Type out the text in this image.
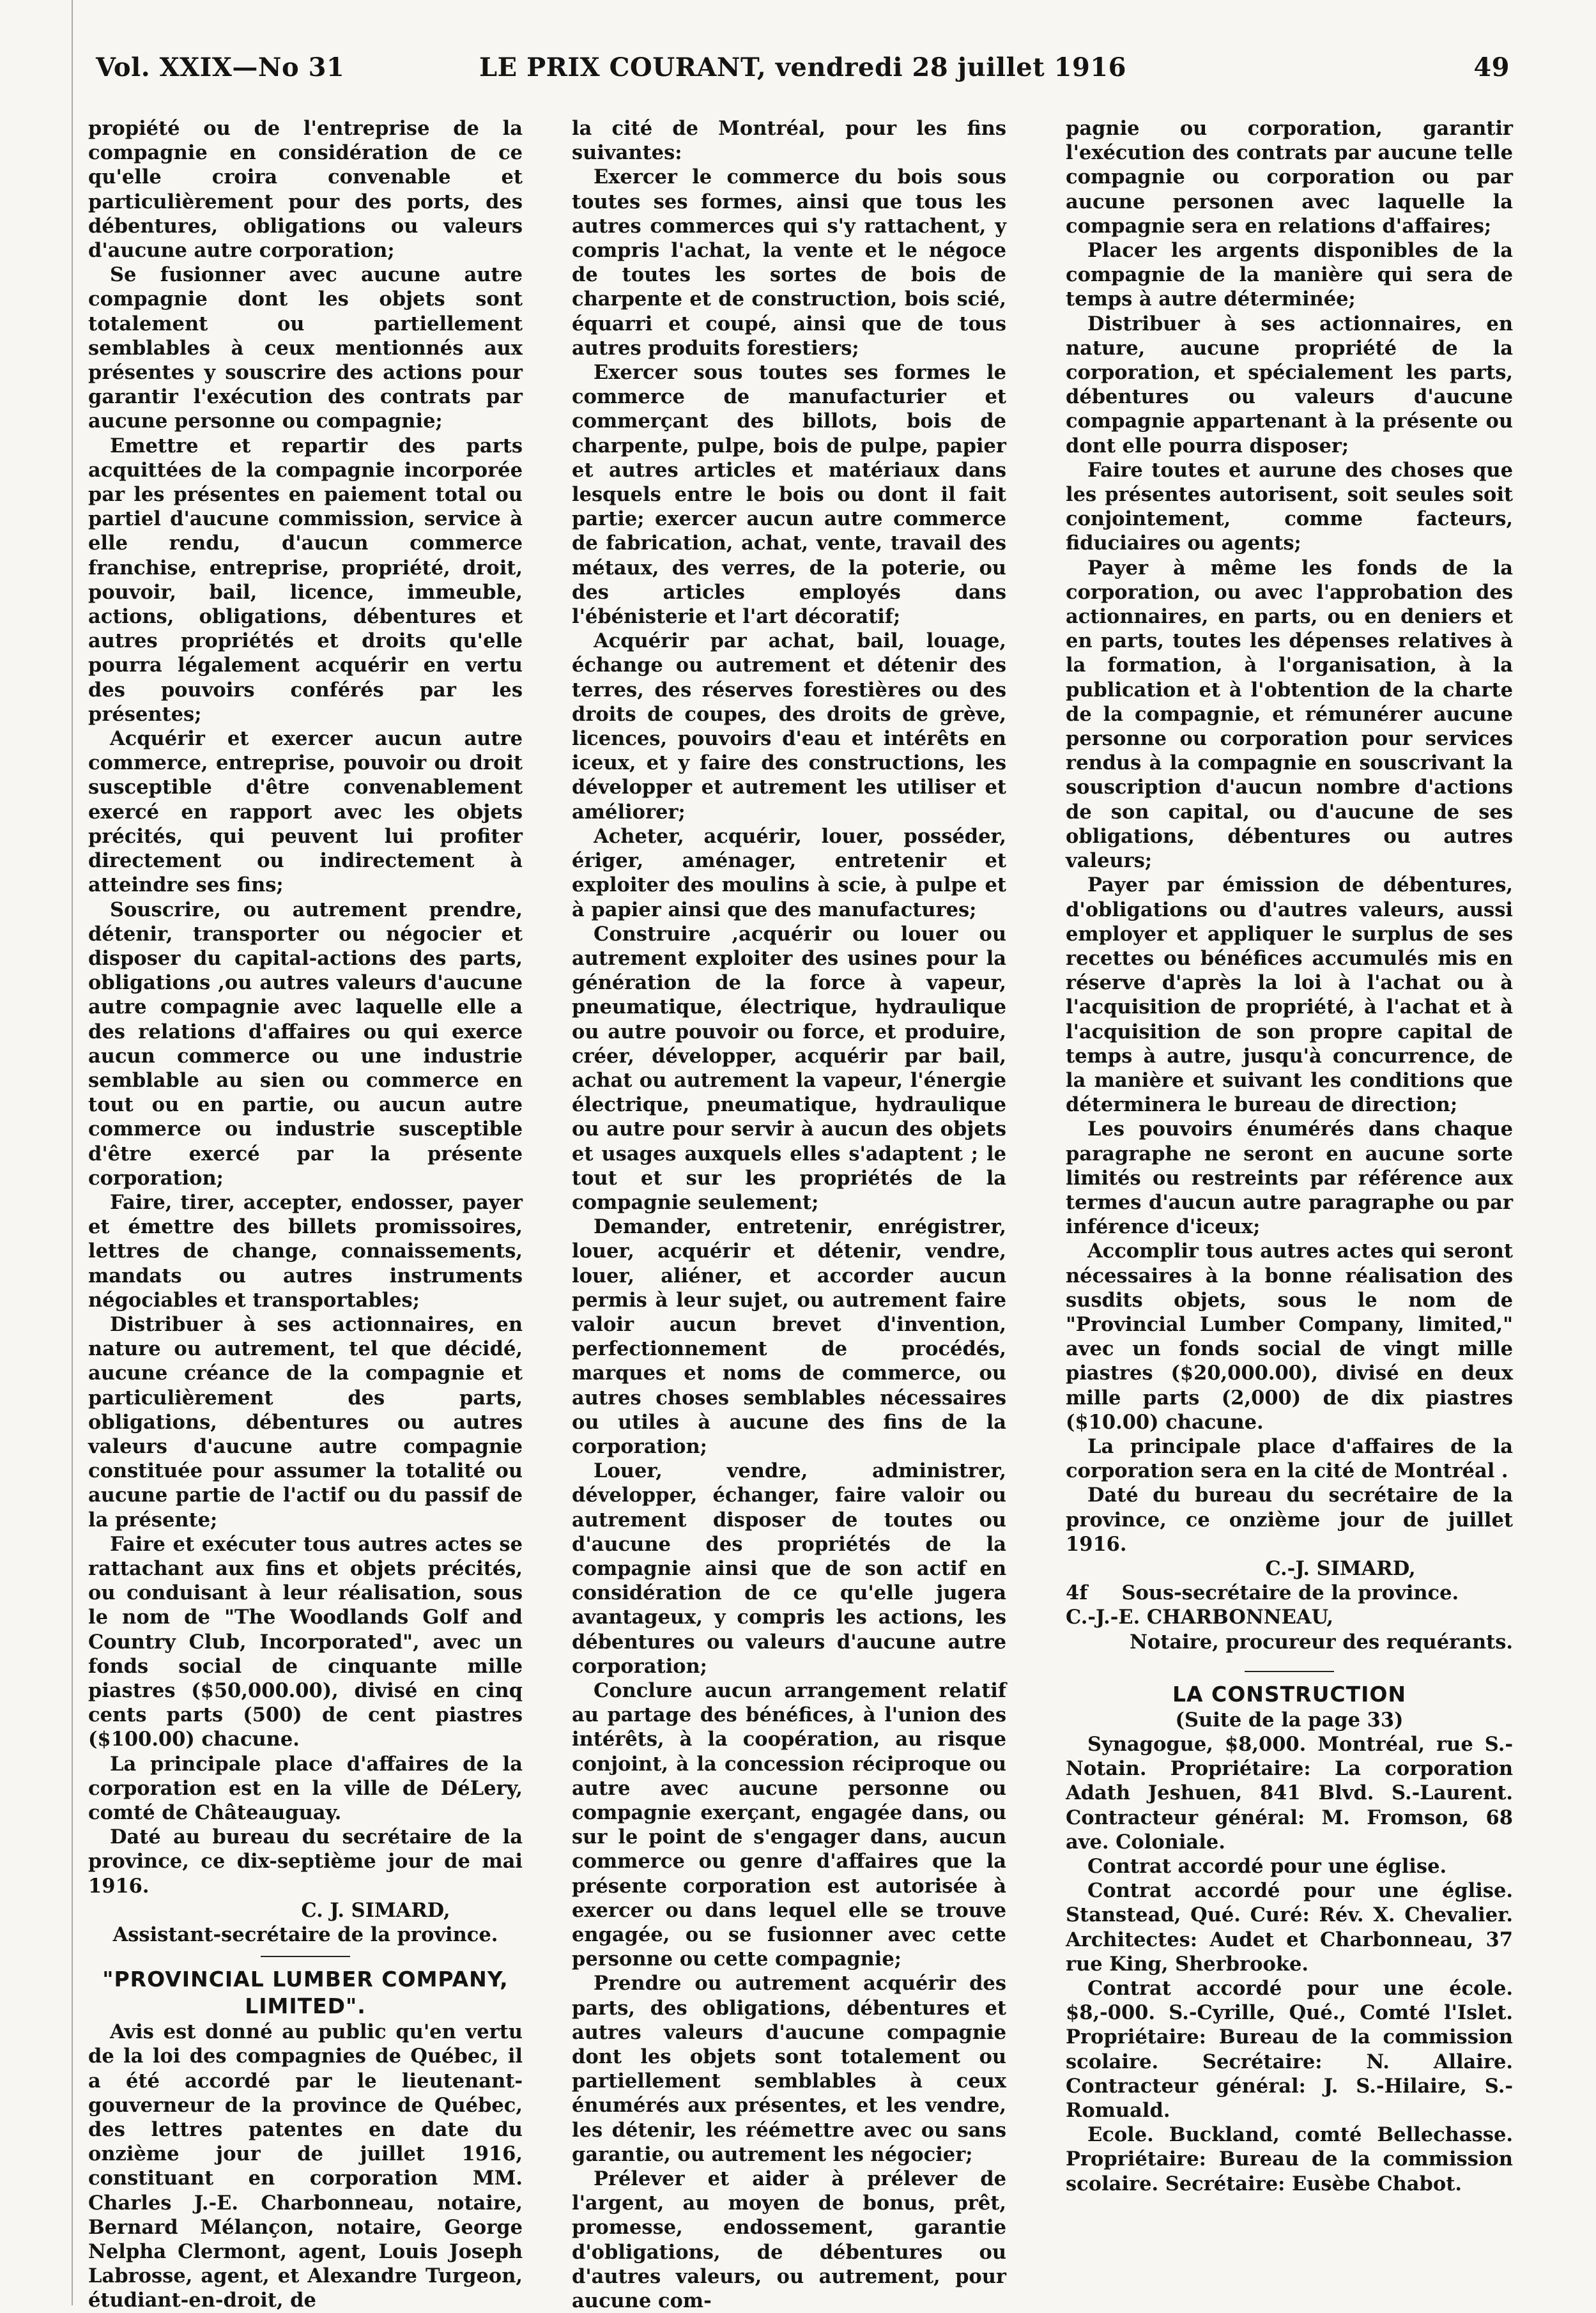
Vol. XXIX—No 31	LE PRIX COURANT, vendredi 28 juillet 1916	49

propiété ou de l'entreprise de la compagnie en considération de ce qu'elle croira convenable et particulièrement pour des ports, des débentures, obligations ou valeurs d'aucune autre corporation;

Se fusionner avec aucune autre compagnie dont les objets sont totalement ou partiellement semblables à ceux mentionnés aux présentes y souscrire des actions pour garantir l'exécution des contrats par aucune personne ou compagnie;

Emettre et repartir des parts acquittées de la compagnie incorporée par les présentes en paiement total ou partiel d'aucune commission, service à elle rendu, d'aucun commerce franchise, entreprise, propriété, droit, pouvoir, bail, licence, immeuble, actions, obligations, débentures et autres propriétés et droits qu'elle pourra légalement acquérir en vertu des pouvoirs conférés par les présentes;

Acquérir et exercer aucun autre commerce, entreprise, pouvoir ou droit susceptible d'être convenablement exercé en rapport avec les objets précités, qui peuvent lui profiter directement ou indirectement à atteindre ses fins;

Souscrire, ou autrement prendre, détenir, transporter ou négocier et disposer du capital-actions des parts, obligations ,ou autres valeurs d'aucune autre compagnie avec laquelle elle a des relations d'affaires ou qui exerce aucun commerce ou une industrie semblable au sien ou commerce en tout ou en partie, ou aucun autre commerce ou industrie susceptible d'être exercé par la présente corporation;

Faire, tirer, accepter, endosser, payer et émettre des billets promissoires, lettres de change, connaissements, mandats ou autres instruments négociables et transportables;

Distribuer à ses actionnaires, en nature ou autrement, tel que décidé, aucune créance de la compagnie et particulièrement des parts, obligations, débentures ou autres valeurs d'aucune autre compagnie constituée pour assumer la totalité ou aucune partie de l'actif ou du passif de la présente;

Faire et exécuter tous autres actes se rattachant aux fins et objets précités, ou conduisant à leur réalisation, sous le nom de "The Woodlands Golf and Country Club, Incorporated", avec un fonds social de cinquante mille piastres ($50,000.00), divisé en cinq cents parts (500) de cent piastres ($100.00) chacune.

La principale place d'affaires de la corporation est en la ville de DéLery, comté de Châteauguay.

Daté au bureau du secrétaire de la province, ce dix-septième jour de mai 1916.

C. J. SIMARD,

Assistant-secrétaire de la province.

"PROVINCIAL LUMBER COMPANY, LIMITED".

Avis est donné au public qu'en vertu de la loi des compagnies de Québec, il a été accordé par le lieutenant-gouverneur de la province de Québec, des lettres patentes en date du onzième jour de juillet 1916, constituant en corporation MM. Charles J.-E. Charbonneau, notaire, Bernard Mélançon, notaire, George Nelpha Clermont, agent, Louis Joseph Labrosse, agent, et Alexandre Turgeon, étudiant-en-droit, de

la cité de Montréal, pour les fins suivantes:

Exercer le commerce du bois sous toutes ses formes, ainsi que tous les autres commerces qui s'y rattachent, y compris l'achat, la vente et le négoce de toutes les sortes de bois de charpente et de construction, bois scié, équarri et coupé, ainsi que de tous autres produits forestiers;

Exercer sous toutes ses formes le commerce de manufacturier et commerçant des billots, bois de charpente, pulpe, bois de pulpe, papier et autres articles et matériaux dans lesquels entre le bois ou dont il fait partie; exercer aucun autre commerce de fabrication, achat, vente, travail des métaux, des verres, de la poterie, ou des articles employés dans l'ébénisterie et l'art décoratif;

Acquérir par achat, bail, louage, échange ou autrement et détenir des terres, des réserves forestières ou des droits de coupes, des droits de grève, licences, pouvoirs d'eau et intérêts en iceux, et y faire des constructions, les développer et autrement les utiliser et améliorer;

Acheter, acquérir, louer, posséder, ériger, aménager, entretenir et exploiter des moulins à scie, à pulpe et à papier ainsi que des manufactures;

Construire ,acquérir ou louer ou autrement exploiter des usines pour la génération de la force à vapeur, pneumatique, électrique, hydraulique ou autre pouvoir ou force, et produire, créer, développer, acquérir par bail, achat ou autrement la vapeur, l'énergie électrique, pneumatique, hydraulique ou autre pour servir à aucun des objets et usages auxquels elles s'adaptent ; le tout et sur les propriétés de la compagnie seulement;

Demander, entretenir, enrégistrer, louer, acquérir et détenir, vendre, louer, aliéner, et accorder aucun permis à leur sujet, ou autrement faire valoir aucun brevet d'invention, perfectionnement de procédés, marques et noms de commerce, ou autres choses semblables nécessaires ou utiles à aucune des fins de la corporation;

Louer, vendre, administrer, développer, échanger, faire valoir ou autrement disposer de toutes ou d'aucune des propriétés de la compagnie ainsi que de son actif en considération de ce qu'elle jugera avantageux, y compris les actions, les débentures ou valeurs d'aucune autre corporation;

Conclure aucun arrangement relatif au partage des bénéfices, à l'union des intérêts, à la coopération, au risque conjoint, à la concession réciproque ou autre avec aucune personne ou compagnie exerçant, engagée dans, ou sur le point de s'engager dans, aucun commerce ou genre d'affaires que la présente corporation est autorisée à exercer ou dans lequel elle se trouve engagée, ou se fusionner avec cette personne ou cette compagnie;

Prendre ou autrement acquérir des parts, des obligations, débentures et autres valeurs d'aucune compagnie dont les objets sont totalement ou partiellement semblables à ceux énumérés aux présentes, et les vendre, les détenir, les réémettre avec ou sans garantie, ou autrement les négocier;

Prélever et aider à prélever de l'argent, au moyen de bonus, prêt, promesse, endossement, garantie d'obligations, de débentures ou d'autres valeurs, ou autrement, pour aucune com-

pagnie ou corporation, garantir l'exécution des contrats par aucune telle compagnie ou corporation ou par aucune personen avec laquelle la compagnie sera en relations d'affaires;

Placer les argents disponibles de la compagnie de la manière qui sera de temps à autre déterminée;

Distribuer à ses actionnaires, en nature, aucune propriété de la corporation, et spécialement les parts, débentures ou valeurs d'aucune compagnie appartenant à la présente ou dont elle pourra disposer;

Faire toutes et aurune des choses que les présentes autorisent, soit seules soit conjointement, comme facteurs, fiduciaires ou agents;

Payer à même les fonds de la corporation, ou avec l'approbation des actionnaires, en parts, ou en deniers et en parts, toutes les dépenses relatives à la formation, à l'organisation, à la publication et à l'obtention de la charte de la compagnie, et rémunérer aucune personne ou corporation pour services rendus à la compagnie en souscrivant la souscription d'aucun nombre d'actions de son capital, ou d'aucune de ses obligations, débentures ou autres valeurs;

Payer par émission de débentures, d'obligations ou d'autres valeurs, aussi employer et appliquer le surplus de ses recettes ou bénéfices accumulés mis en réserve d'après la loi à l'achat ou à l'acquisition de propriété, à l'achat et à l'acquisition de son propre capital de temps à autre, jusqu'à concurrence, de la manière et suivant les conditions que déterminera le bureau de direction;

Les pouvoirs énumérés dans chaque paragraphe ne seront en aucune sorte limités ou restreints par référence aux termes d'aucun autre paragraphe ou par inférence d'iceux;

Accomplir tous autres actes qui seront nécessaires à la bonne réalisation des susdits objets, sous le nom de "Provincial Lumber Company, limited," avec un fonds social de vingt mille piastres ($20,000.00), divisé en deux mille parts (2,000) de dix piastres ($10.00) chacune.

La principale place d'affaires de la corporation sera en la cité de Montréal .

Daté du bureau du secrétaire de la province, ce onzième jour de juillet 1916.

C.-J. SIMARD,

4f Sous-secrétaire de la province.

C.-J.-E. CHARBONNEAU,

Notaire, procureur des requérants.

LA CONSTRUCTION

(Suite de la page 33)

Synagogue, $8,000. Montréal, rue S.-Notain. Propriétaire: La corporation Adath Jeshuen, 841 Blvd. S.-Laurent. Contracteur général: M. Fromson, 68 ave. Coloniale.

Contrat accordé pour une église.

Contrat accordé pour une église. Stanstead, Qué. Curé: Rév. X. Chevalier. Architectes: Audet et Charbonneau, 37 rue King, Sherbrooke.

Contrat accordé pour une école. $8,-000. S.-Cyrille, Qué., Comté l'Islet. Propriétaire: Bureau de la commission scolaire. Secrétaire: N. Allaire. Contracteur général: J. S.-Hilaire, S.-Romuald.

Ecole. Buckland, comté Bellechasse. Propriétaire: Bureau de la commission scolaire. Secrétaire: Eusèbe Chabot.
